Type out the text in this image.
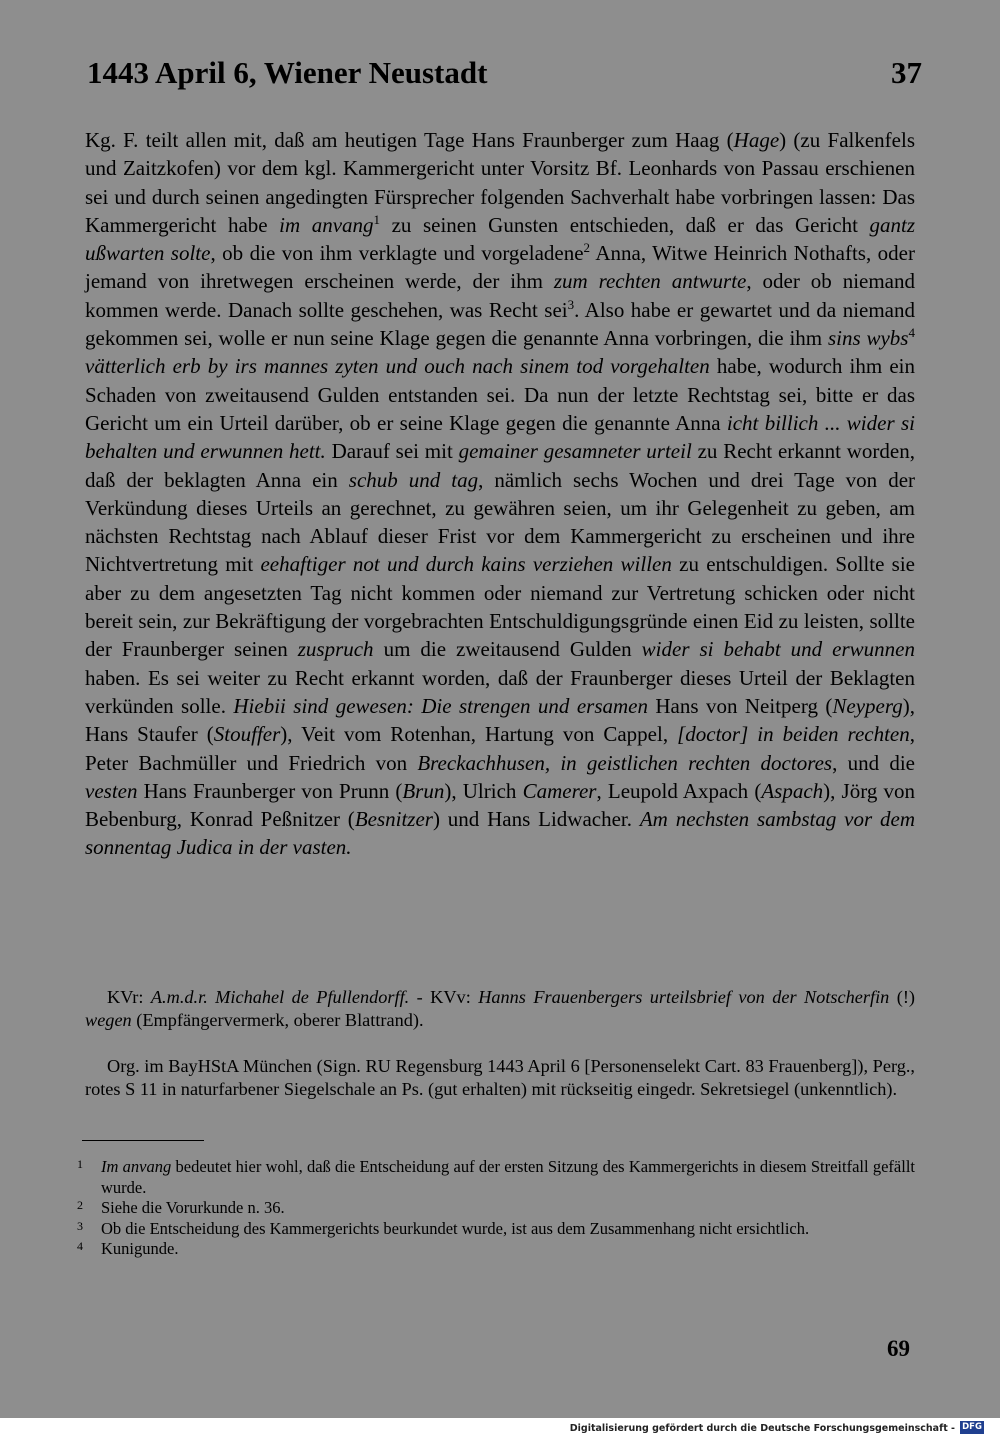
1443 April 6, Wiener Neustadt	37

Kg. F. teilt allen mit, daß am heutigen Tage Hans Fraunberger zum Haag (Hage) (zu Falkenfels und Zaitzkofen) vor dem kgl. Kammergericht unter Vorsitz Bf. Leonhards von Passau erschienen sei und durch seinen angedingten Fürsprecher folgenden Sachverhalt habe vorbringen lassen: Das Kammergericht habe im anvang$^1$ zu seinen Gunsten entschieden, daß er das Gericht gantz ußwarten solte, ob die von ihm verklagte und vorgeladene$^2$ Anna, Witwe Heinrich Nothafts, oder jemand von ihretwegen erscheinen werde, der ihm zum rechten antwurte, oder ob niemand kommen werde. Danach sollte geschehen, was Recht sei$^3$. Also habe er gewartet und da niemand gekommen sei, wolle er nun seine Klage gegen die genannte Anna vorbringen, die ihm sins wybs$^4$ vätterlich erb by irs mannes zyten und ouch nach sinem tod vorgehalten habe, wodurch ihm ein Schaden von zweitausend Gulden entstanden sei. Da nun der letzte Rechtstag sei, bitte er das Gericht um ein Urteil darüber, ob er seine Klage gegen die genannte Anna icht billich ... wider si behalten und erwunnen hett. Darauf sei mit gemainer gesamneter urteil zu Recht erkannt worden, daß der beklagten Anna ein schub und tag, nämlich sechs Wochen und drei Tage von der Verkündung dieses Urteils an gerechnet, zu gewähren seien, um ihr Gelegenheit zu geben, am nächsten Rechtstag nach Ablauf dieser Frist vor dem Kammergericht zu erscheinen und ihre Nichtvertretung mit eehaftiger not und durch kains verziehen willen zu entschuldigen. Sollte sie aber zu dem angesetzten Tag nicht kommen oder niemand zur Vertretung schicken oder nicht bereit sein, zur Bekräftigung der vorgebrachten Entschuldigungsgründe einen Eid zu leisten, sollte der Fraunberger seinen zuspruch um die zweitausend Gulden wider si behabt und erwunnen haben. Es sei weiter zu Recht erkannt worden, daß der Fraunberger dieses Urteil der Beklagten verkünden solle. Hiebii sind gewesen: Die strengen und ersamen Hans von Neitperg (Neyperg), Hans Staufer (Stouffer), Veit vom Rotenhan, Hartung von Cappel, [doctor] in beiden rechten, Peter Bachmüller und Friedrich von Breckachhusen, in geistlichen rechten doctores, und die vesten Hans Fraunberger von Prunn (Brun), Ulrich Camerer, Leupold Axpach (Aspach), Jörg von Bebenburg, Konrad Peßnitzer (Besnitzer) und Hans Lidwacher. Am nechsten sambstag vor dem sonnentag Judica in der vasten.

KVr: A.m.d.r. Michahel de Pfullendorff. - KVv: Hanns Frauenbergers urteilsbrief von der Notscherfin (!) wegen (Empfängervermerk, oberer Blattrand).

Org. im BayHStA München (Sign. RU Regensburg 1443 April 6 [Personenselekt Cart. 83 Frauenberg]), Perg., rotes S 11 in naturfarbener Siegelschale an Ps. (gut erhalten) mit rückseitig eingedr. Sekretsiegel (unkenntlich).

1 Im anvang bedeutet hier wohl, daß die Entscheidung auf der ersten Sitzung des Kammergerichts in diesem Streitfall gefällt wurde.

2 Siehe die Vorurkunde n. 36.

3 Ob die Entscheidung des Kammergerichts beurkundet wurde, ist aus dem Zusammenhang nicht ersichtlich.

4 Kunigunde.

69
Digitalisierung gefördert durch die Deutsche Forschungsgemeinschaft - DFG
